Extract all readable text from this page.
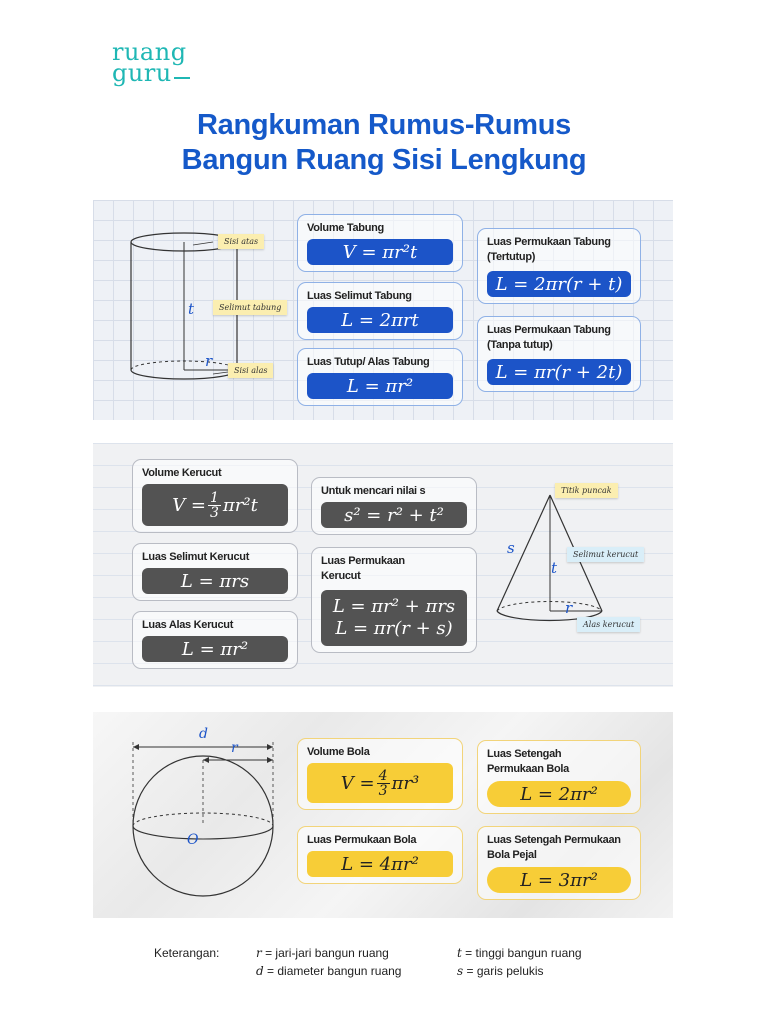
ruang
guru
Rangkuman Rumus-Rumus
Bangun Ruang Sisi Lengkung
t
r
Sisi atas
Selimut tabung
Sisi alas
Volume Tabung
V = πr²t
Luas Selimut Tabung
L = 2πrt
Luas Tutup/ Alas Tabung
L = πr²
Luas Permukaan Tabung (Tertutup)
L = 2πr(r + t)
Luas Permukaan Tabung (Tanpa tutup)
L = πr(r + 2t)
Volume Kerucut
$V = \frac{1}{3} \pi r^2t$
Luas Selimut Kerucut
L = πrs
Luas Alas Kerucut
L = πr²
Untuk mencari nilai s
s² = r² + t²
Luas Permukaan Kerucut
L = πr² + πrs
L = πr(r + s)
s
t
r
Titik puncak
Selimut kerucut
Alas kerucut
d
r
O
Volume Bola
$V = \frac{4}{3} \pi r^3$
Luas Permukaan Bola
L = 4πr²
Luas Setengah Permukaan Bola
L = 2πr²
Luas Setengah Permukaan Bola Pejal
L = 3πr²
Keterangan:	r = jari-jari bangun ruang
d = diameter bangun ruang
t = tinggi bangun ruang
s = garis pelukis
